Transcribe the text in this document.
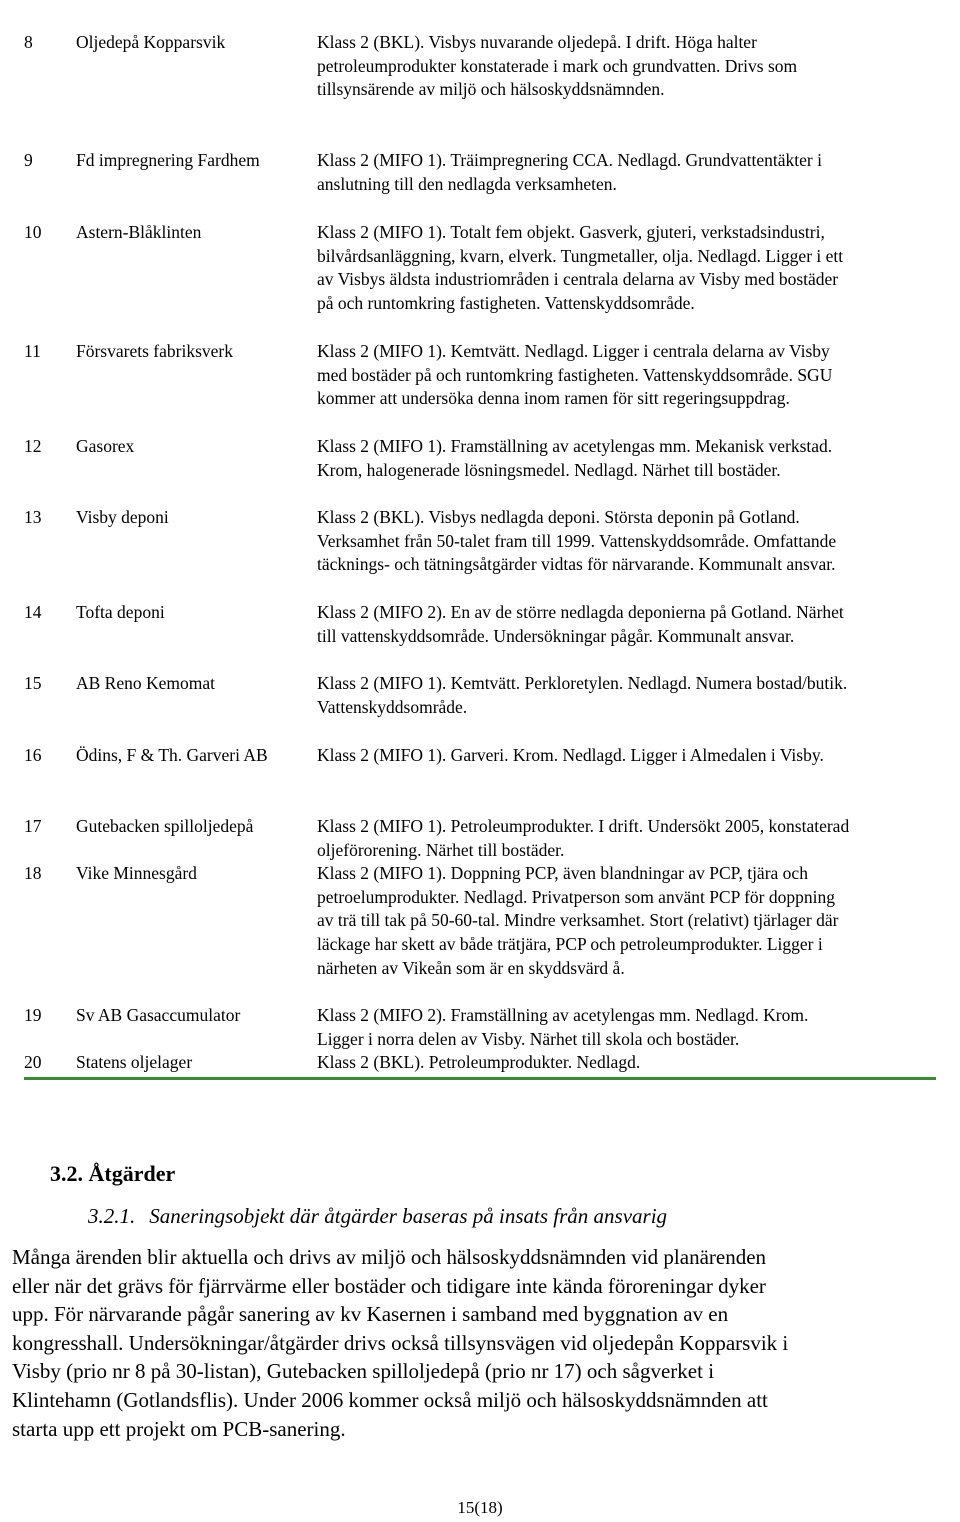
8 Oljedepå Kopparsvik	Klass 2 (BKL). Visbys nuvarande oljedepå. I drift. Höga halter
petroleumprodukter konstaterade i mark och grundvatten. Drivs som
tillsynsärende av miljö och hälsoskyddsnämnden.
9 Fd impregnering Fardhem	Klass 2 (MIFO 1). Träimpregnering CCA. Nedlagd. Grundvattentäkter i
anslutning till den nedlagda verksamheten.
10 Astern-Blåklinten	Klass 2 (MIFO 1). Totalt fem objekt. Gasverk, gjuteri, verkstadsindustri,
bilvårdsanläggning, kvarn, elverk. Tungmetaller, olja. Nedlagd. Ligger i ett
av Visbys äldsta industriområden i centrala delarna av Visby med bostäder
på och runtomkring fastigheten. Vattenskyddsområde.
11 Försvarets fabriksverk	Klass 2 (MIFO 1). Kemtvätt. Nedlagd. Ligger i centrala delarna av Visby
med bostäder på och runtomkring fastigheten. Vattenskyddsområde. SGU
kommer att undersöka denna inom ramen för sitt regeringsuppdrag.
12 Gasorex	Klass 2 (MIFO 1). Framställning av acetylengas mm. Mekanisk verkstad.
Krom, halogenerade lösningsmedel. Nedlagd. Närhet till bostäder.
13 Visby deponi	Klass 2 (BKL). Visbys nedlagda deponi. Största deponin på Gotland.
Verksamhet från 50-talet fram till 1999. Vattenskyddsområde. Omfattande
täcknings- och tätningsåtgärder vidtas för närvarande. Kommunalt ansvar.
14 Tofta deponi	Klass 2 (MIFO 2). En av de större nedlagda deponierna på Gotland. Närhet
till vattenskyddsområde. Undersökningar pågår. Kommunalt ansvar.
15 AB Reno Kemomat	Klass 2 (MIFO 1). Kemtvätt. Perkloretylen. Nedlagd. Numera bostad/butik.
Vattenskyddsområde.
16 Ödins, F & Th. Garveri AB	Klass 2 (MIFO 1). Garveri. Krom. Nedlagd. Ligger i Almedalen i Visby.
17 Gutebacken spilloljedepå	Klass 2 (MIFO 1). Petroleumprodukter. I drift. Undersökt 2005, konstaterad
oljeförorening. Närhet till bostäder.
18 Vike Minnesgård	Klass 2 (MIFO 1). Doppning PCP, även blandningar av PCP, tjära och
petroelumprodukter. Nedlagd. Privatperson som använt PCP för doppning
av trä till tak på 50-60-tal. Mindre verksamhet. Stort (relativt) tjärlager där
läckage har skett av både trätjära, PCP och petroleumprodukter. Ligger i
närheten av Vikeån som är en skyddsvärd å.
19 Sv AB Gasaccumulator	Klass 2 (MIFO 2). Framställning av acetylengas mm. Nedlagd. Krom.
Ligger i norra delen av Visby. Närhet till skola och bostäder.
20 Statens oljelager	Klass 2 (BKL). Petroleumprodukter. Nedlagd.
3.2. Åtgärder
3.2.1. Saneringsobjekt där åtgärder baseras på insats från ansvarig
Många ärenden blir aktuella och drivs av miljö och hälsoskyddsnämnden vid planärenden
eller när det grävs för fjärrvärme eller bostäder och tidigare inte kända föroreningar dyker
upp. För närvarande pågår sanering av kv Kasernen i samband med byggnation av en
kongresshall. Undersökningar/åtgärder drivs också tillsynsvägen vid oljedepån Kopparsvik i
Visby (prio nr 8 på 30-listan), Gutebacken spilloljedepå (prio nr 17) och sågverket i
Klintehamn (Gotlandsflis). Under 2006 kommer också miljö och hälsoskyddsnämnden att
starta upp ett projekt om PCB-sanering.
15(18)
